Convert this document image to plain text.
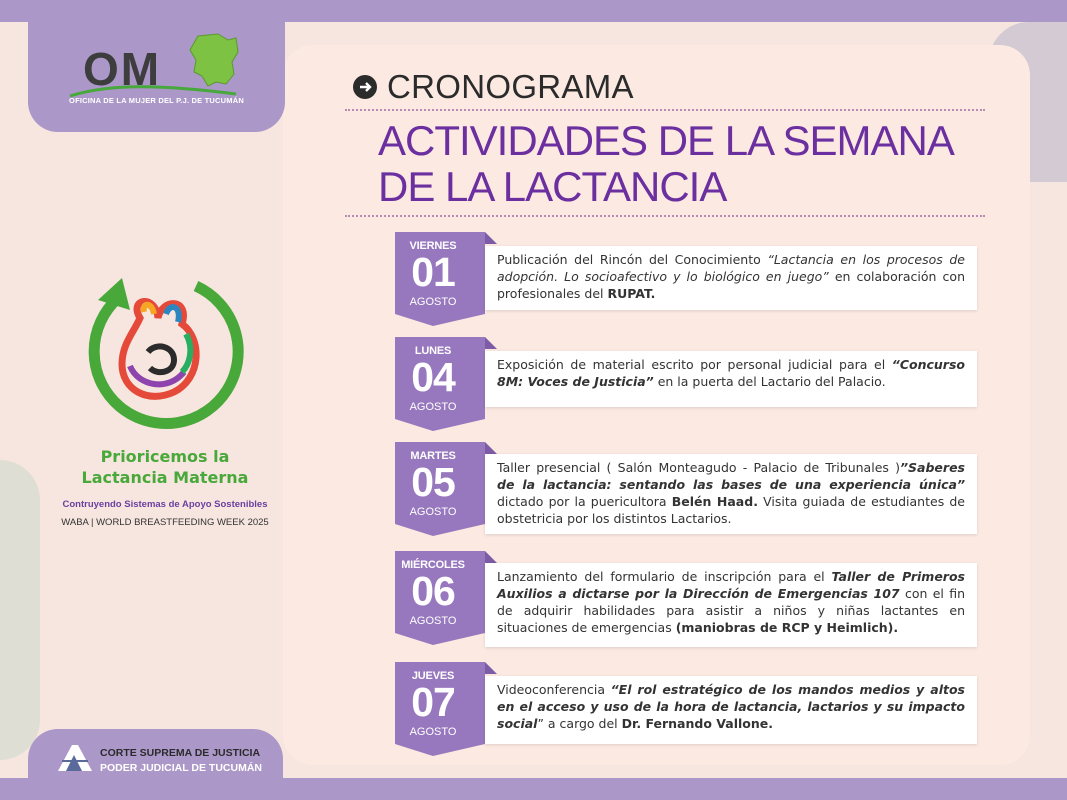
OM
OFICINA DE LA MUJER DEL P.J. DE TUCUMÁN	CRONOGRAMA
ACTIVIDADES DE LA SEMANA
DE LA LACTANCIA
Prioricemos la
Lactancia Materna
Contruyendo Sistemas de Apoyo Sostenibles
WABA | WORLD BREASTFEEDING WEEK 2025
CORTE SUPREMA DE JUSTICIA
PODER JUDICIAL DE TUCUMÁN
VIERNES
01
AGOSTO
Publicación del Rincón del Conocimiento “Lactancia en los procesos de adopción. Lo socioafectivo y lo biológico en juego” en colaboración con profesionales del RUPAT.
LUNES
04
AGOSTO
Exposición de material escrito por personal judicial para el “Concurso 8M: Voces de Justicia” en la puerta del Lactario del Palacio.
MARTES
05
AGOSTO
Taller presencial ( Salón Monteagudo - Palacio de Tribunales )”Saberes de la lactancia: sentando las bases de una experiencia única” dictado por la puericultora Belén Haad. Visita guiada de estudiantes de obstetricia por los distintos Lactarios.
MIÉRCOLES
06
AGOSTO
Lanzamiento del formulario de inscripción para el Taller de Primeros Auxilios a dictarse por la Dirección de Emergencias 107 con el fin de adquirir habilidades para asistir a niños y niñas lactantes en situaciones de emergencias (maniobras de RCP y Heimlich).
JUEVES
07
AGOSTO
Videoconferencia “El rol estratégico de los mandos medios y altos en el acceso y uso de la hora de lactancia, lactarios y su impacto social” a cargo del Dr. Fernando Vallone.
